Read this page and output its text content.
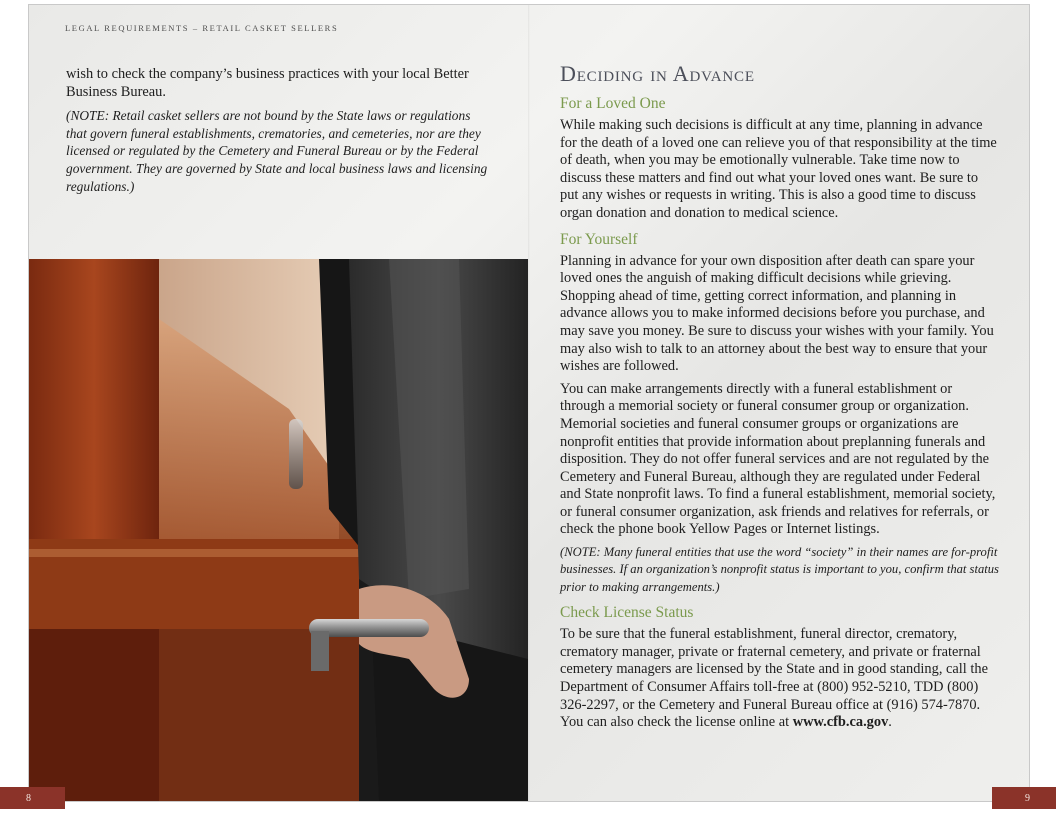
LEGAL REQUIREMENTS – RETAIL CASKET SELLERS

wish to check the company’s business practices with your local Better Business Bureau.

(NOTE: Retail casket sellers are not bound by the State laws or regulations that govern funeral establishments, crematories, and cemeteries, nor are they licensed or regulated by the Cemetery and Funeral Bureau or by the Federal government. They are governed by State and local business laws and licensing regulations.)

Deciding in Advance
For a Loved One

While making such decisions is difficult at any time, planning in advance for the death of a loved one can relieve you of that responsibility at the time of death, when you may be emotionally vulnerable. Take time now to discuss these matters and find out what your loved ones want. Be sure to put any wishes or requests in writing. This is also a good time to discuss organ donation and donation to medical science.

For Yourself

Planning in advance for your own disposition after death can spare your loved ones the anguish of making difficult decisions while grieving. Shopping ahead of time, getting correct information, and planning in advance allows you to make informed decisions before you purchase, and may save you money. Be sure to discuss your wishes with your family. You may also wish to talk to an attorney about the best way to ensure that your wishes are followed.

You can make arrangements directly with a funeral establishment or through a memorial society or funeral consumer group or organization. Memorial societies and funeral consumer groups or organizations are nonprofit entities that provide information about preplanning funerals and disposition. They do not offer funeral services and are not regulated by the Cemetery and Funeral Bureau, although they are regulated under Federal and State nonprofit laws. To find a funeral establishment, memorial society, or funeral consumer organization, ask friends and relatives for referrals, or check the phone book Yellow Pages or Internet listings.

(NOTE: Many funeral entities that use the word “society” in their names are for-profit businesses. If an organization’s nonprofit status is important to you, confirm that status prior to making arrangements.)

Check License Status

To be sure that the funeral establishment, funeral director, crematory, crematory manager, private or fraternal cemetery, and private or fraternal cemetery managers are licensed by the State and in good standing, call the Department of Consumer Affairs toll-free at (800) 952-5210, TDD (800) 326-2297, or the Cemetery and Funeral Bureau office at (916) 574-7870. You can also check the license online at www.cfb.ca.gov.

8	9
